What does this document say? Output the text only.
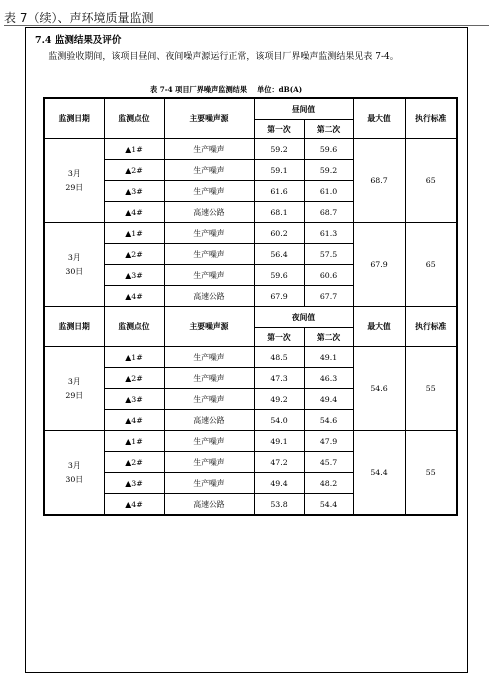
表 7（续）、声环境质量监测
7.4 监测结果及评价
监测验收期间，该项目昼间、夜间噪声源运行正常，该项目厂界噪声监测结果见表 7-4。
表 7-4 项目厂界噪声监测结果 单位：dB(A)
监测日期	监测点位	主要噪声源	昼间值		最大值	执行标准
			第一次	第二次		
3月29日	▲1#	生产噪声	59.2	59.6	68.7	65
	▲2#	生产噪声	59.1	59.2		
	▲3#	生产噪声	61.6	61.0		
	▲4#	高速公路	68.1	68.7		
3月30日	▲1#	生产噪声	60.2	61.3	67.9	65
	▲2#	生产噪声	56.4	57.5		
	▲3#	生产噪声	59.6	60.6		
	▲4#	高速公路	67.9	67.7		
监测日期	监测点位	主要噪声源	夜间值		最大值	执行标准
			第一次	第二次		
3月29日	▲1#	生产噪声	48.5	49.1	54.6	55
	▲2#	生产噪声	47.3	46.3		
	▲3#	生产噪声	49.2	49.4		
	▲4#	高速公路	54.0	54.6		
3月30日	▲1#	生产噪声	49.1	47.9	54.4	55
	▲2#	生产噪声	47.2	45.7		
	▲3#	生产噪声	49.4	48.2		
	▲4#	高速公路	53.8	54.4		
